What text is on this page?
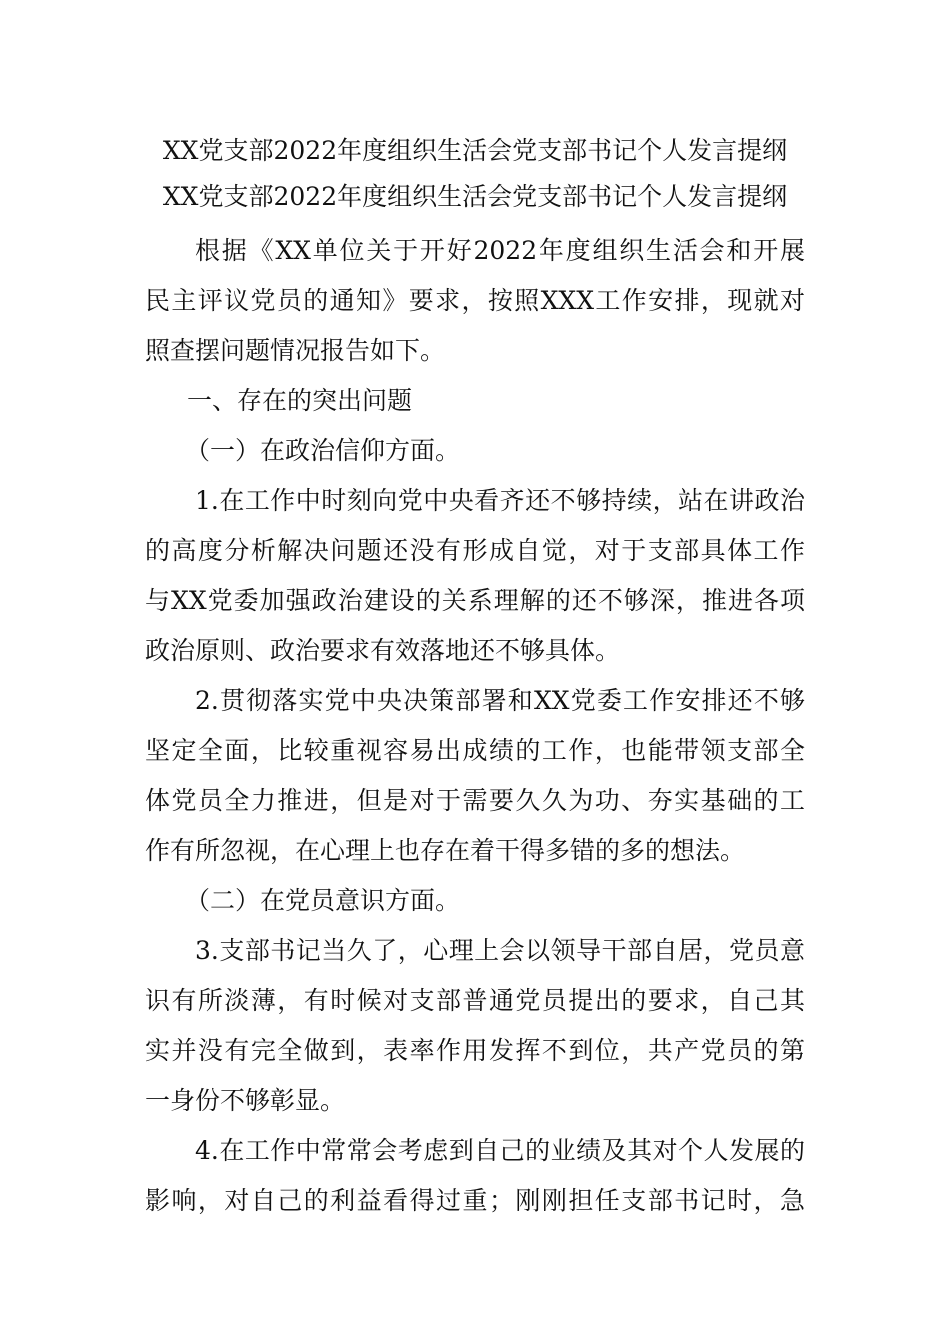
XX党支部2022年度组织生活会党支部书记个人发言提纲
XX党支部2022年度组织生活会党支部书记个人发言提纲
根据《XX单位关于开好2022年度组织生活会和开展
民主评议党员的通知》要求，按照XXX工作安排，现就对
照查摆问题情况报告如下。
一、存在的突出问题
（一）在政治信仰方面。
1.在工作中时刻向党中央看齐还不够持续，站在讲政治
的高度分析解决问题还没有形成自觉，对于支部具体工作
与XX党委加强政治建设的关系理解的还不够深，推进各项
政治原则、政治要求有效落地还不够具体。
2.贯彻落实党中央决策部署和XX党委工作安排还不够
坚定全面，比较重视容易出成绩的工作，也能带领支部全
体党员全力推进，但是对于需要久久为功、夯实基础的工
作有所忽视，在心理上也存在着干得多错的多的想法。
（二）在党员意识方面。
3.支部书记当久了，心理上会以领导干部自居，党员意
识有所淡薄，有时候对支部普通党员提出的要求，自己其
实并没有完全做到，表率作用发挥不到位，共产党员的第
一身份不够彰显。
4.在工作中常常会考虑到自己的业绩及其对个人发展的
影响，对自己的利益看得过重；刚刚担任支部书记时，急
